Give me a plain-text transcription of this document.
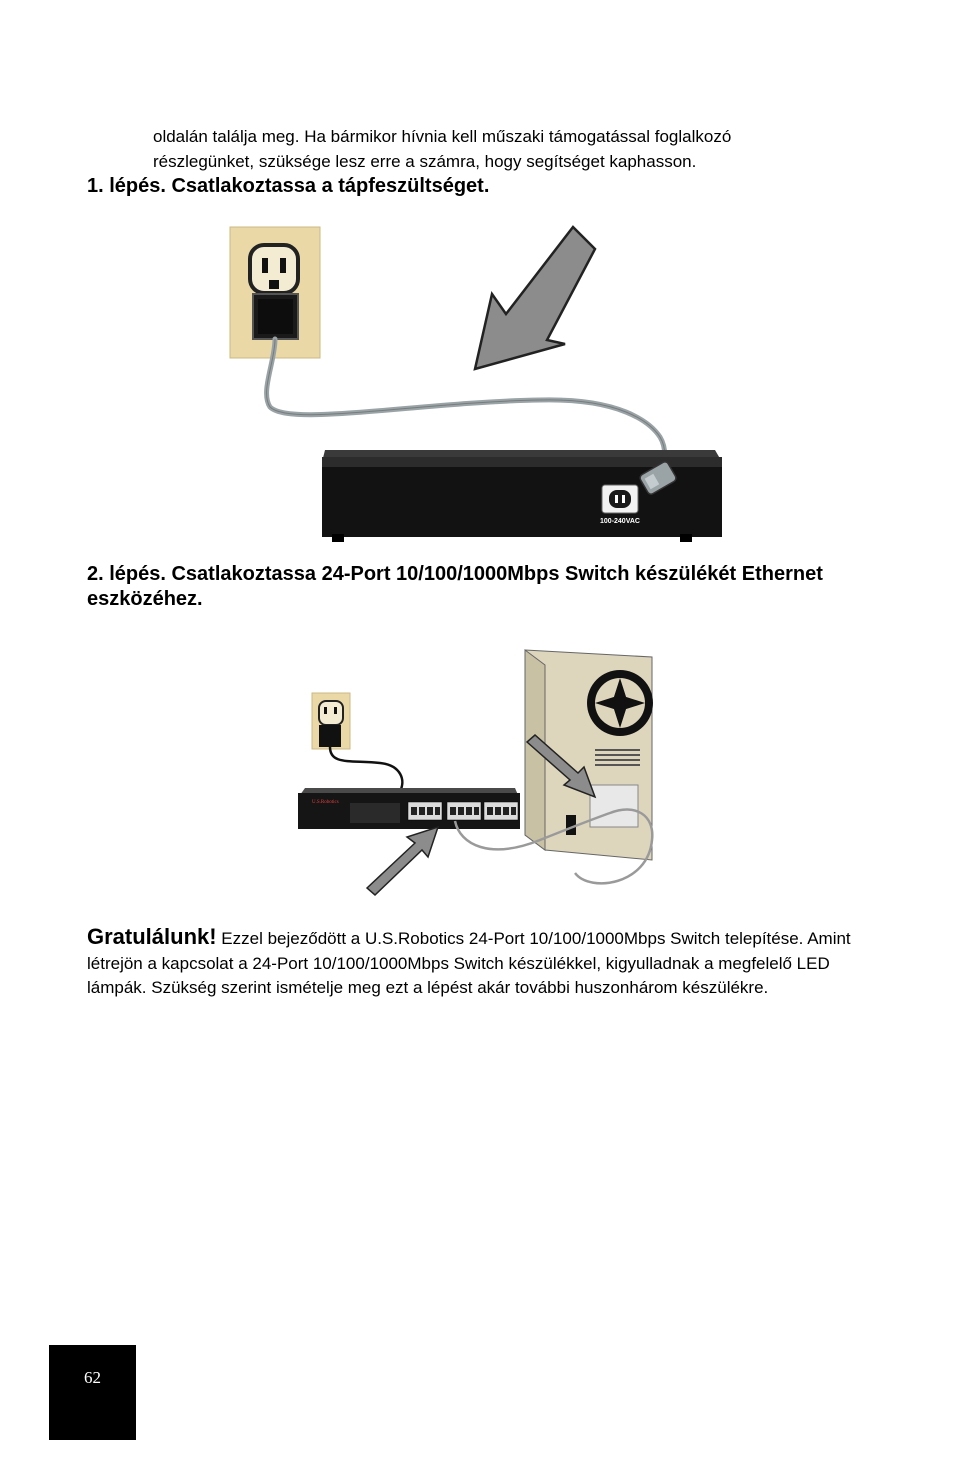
oldalán találja meg. Ha bármikor hívnia kell műszaki támogatással foglalkozó

részlegünket, szüksége lesz erre a számra, hogy segítséget kaphasson.

1. lépés. Csatlakoztassa a tápfeszültséget.
100-240VAC
2. lépés. Csatlakoztassa 24-Port 10/100/1000Mbps Switch készülékét Ethernet eszközéhez.
U.S.Robotics

Gratulálunk! Ezzel bejeződött a U.S.Robotics 24-Port 10/100/1000Mbps Switch telepítése. Amint létrejön a kapcsolat a 24-Port 10/100/1000Mbps Switch készülékkel, kigyulladnak a megfelelő LED lámpák. Szükség szerint ismételje meg ezt a lépést akár további huszonhárom készülékre.

62
